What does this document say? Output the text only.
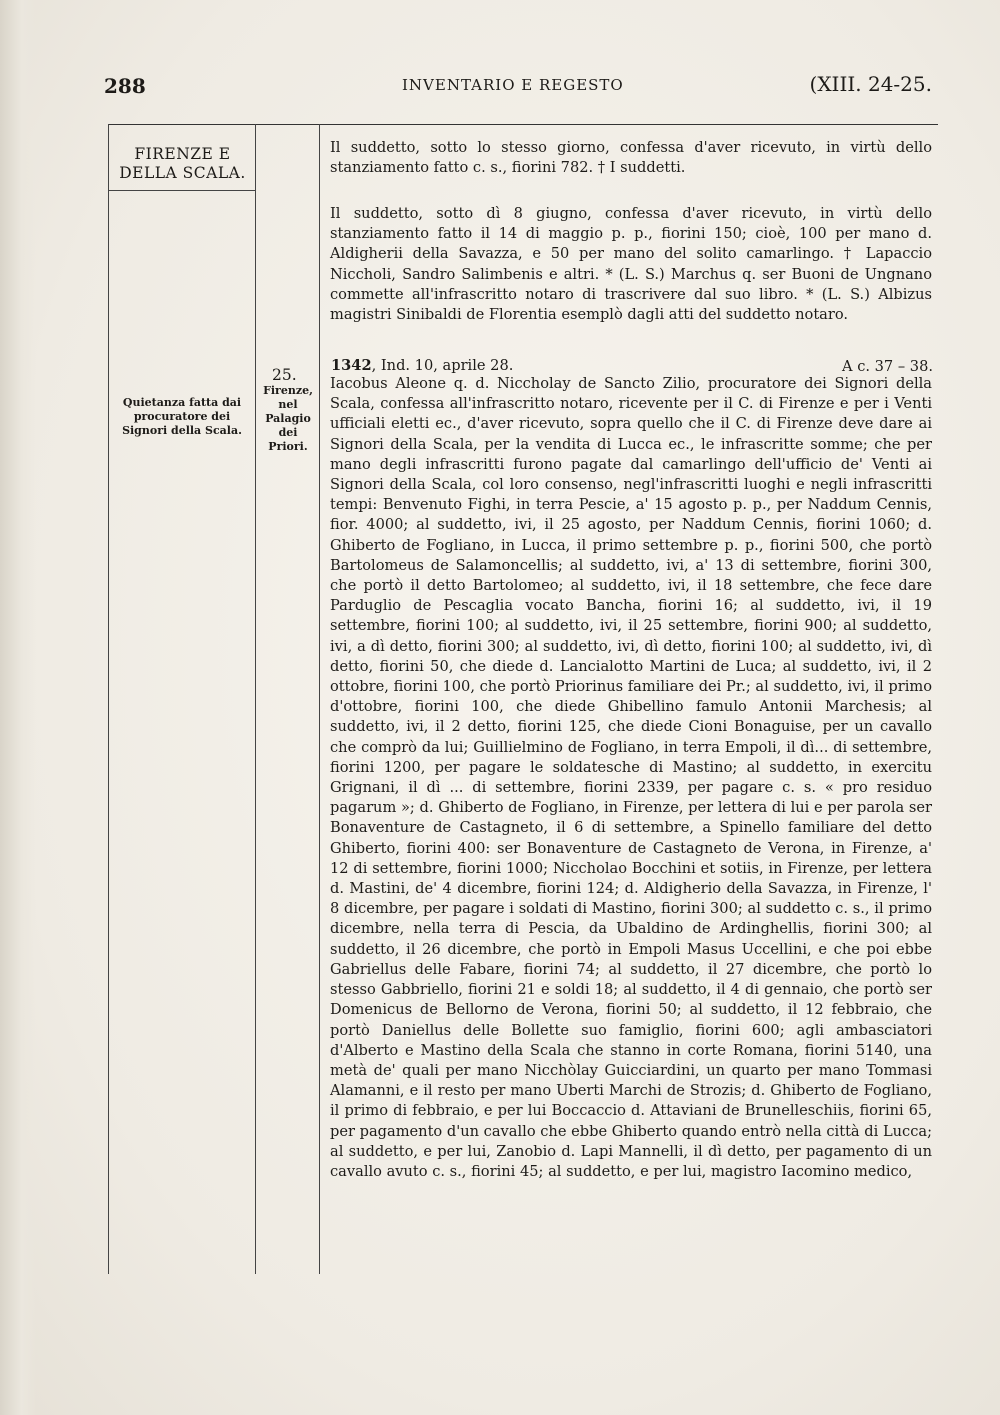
288	INVENTARIO E REGESTO	(XIII. 24-25.
FIRENZE E
DELLA SCALA.
25.
Quietanza fatta dai procuratore dei Signori della Scala.
Firenze, nel Palagio dei Priori.

Il suddetto, sotto lo stesso giorno, confessa d'aver ricevuto, in virtù dello stanziamento fatto c. s., fiorini 782. † I suddetti.

Il suddetto, sotto dì 8 giugno, confessa d'aver ricevuto, in virtù dello stanziamento fatto il 14 di maggio p. p., fiorini 150; cioè, 100 per mano d. Aldigherii della Savazza, e 50 per mano del solito camarlingo. † Lapaccio Niccholi, Sandro Salimbenis e altri. * (L. S.) Marchus q. ser Buoni de Ungnano commette all'infrascritto notaro di trascrivere dal suo libro. * (L. S.) Albizus magistri Sinibaldi de Florentia esemplò dagli atti del suddetto notaro.

1342, Ind. 10, aprile 28.	A c. 37 – 38.

Iacobus Aleone q. d. Niccholay de Sancto Zilio, procuratore dei Signori della Scala, confessa all'infrascritto notaro, ricevente per il C. di Firenze e per i Venti ufficiali eletti ec., d'aver ricevuto, sopra quello che il C. di Firenze deve dare ai Signori della Scala, per la vendita di Lucca ec., le infrascritte somme; che per mano degli infrascritti furono pagate dal camarlingo dell'ufficio de' Venti ai Signori della Scala, col loro consenso, negl'infrascritti luoghi e negli infrascritti tempi: Benvenuto Fighi, in terra Pescie, a' 15 agosto p. p., per Naddum Cennis, fior. 4000; al suddetto, ivi, il 25 agosto, per Naddum Cennis, fiorini 1060; d. Ghiberto de Fogliano, in Lucca, il primo settembre p. p., fiorini 500, che portò Bartolomeus de Salamoncellis; al suddetto, ivi, a' 13 di settembre, fiorini 300, che portò il detto Bartolomeo; al suddetto, ivi, il 18 settembre, che fece dare Parduglio de Pescaglia vocato Bancha, fiorini 16; al suddetto, ivi, il 19 settembre, fiorini 100; al suddetto, ivi, il 25 settembre, fiorini 900; al suddetto, ivi, a dì detto, fiorini 300; al suddetto, ivi, dì detto, fiorini 100; al suddetto, ivi, dì detto, fiorini 50, che diede d. Lancialotto Martini de Luca; al suddetto, ivi, il 2 ottobre, fiorini 100, che portò Priorinus familiare dei Pr.; al suddetto, ivi, il primo d'ottobre, fiorini 100, che diede Ghibellino famulo Antonii Marchesis; al suddetto, ivi, il 2 detto, fiorini 125, che diede Cioni Bonaguise, per un cavallo che comprò da lui; Guillielmino de Fogliano, in terra Empoli, il dì... di settembre, fiorini 1200, per pagare le soldatesche di Mastino; al suddetto, in exercitu Grignani, il dì ... di settembre, fiorini 2339, per pagare c. s. « pro residuo pagarum »; d. Ghiberto de Fogliano, in Firenze, per lettera di lui e per parola ser Bonaventure de Castagneto, il 6 di settembre, a Spinello familiare del detto Ghiberto, fiorini 400: ser Bonaventure de Castagneto de Verona, in Firenze, a' 12 di settembre, fiorini 1000; Niccholao Bocchini et sotiis, in Firenze, per lettera d. Mastini, de' 4 dicembre, fiorini 124; d. Aldigherio della Savazza, in Firenze, l' 8 dicembre, per pagare i soldati di Mastino, fiorini 300; al suddetto c. s., il primo dicembre, nella terra di Pescia, da Ubaldino de Ardinghellis, fiorini 300; al suddetto, il 26 dicembre, che portò in Empoli Masus Uccellini, e che poi ebbe Gabriellus delle Fabare, fiorini 74; al suddetto, il 27 dicembre, che portò lo stesso Gabbriello, fiorini 21 e soldi 18; al suddetto, il 4 di gennaio, che portò ser Domenicus de Bellorno de Verona, fiorini 50; al suddetto, il 12 febbraio, che portò Daniellus delle Bollette suo famiglio, fiorini 600; agli ambasciatori d'Alberto e Mastino della Scala che stanno in corte Romana, fiorini 5140, una metà de' quali per mano Nicchòlay Guicciardini, un quarto per mano Tommasi Alamanni, e il resto per mano Uberti Marchi de Strozis; d. Ghiberto de Fogliano, il primo di febbraio, e per lui Boccaccio d. Attaviani de Brunelleschiis, fiorini 65, per pagamento d'un cavallo che ebbe Ghiberto quando entrò nella città di Lucca; al suddetto, e per lui, Zanobio d. Lapi Mannelli, il dì detto, per pagamento di un cavallo avuto c. s., fiorini 45; al suddetto, e per lui, magistro Iacomino medico,
